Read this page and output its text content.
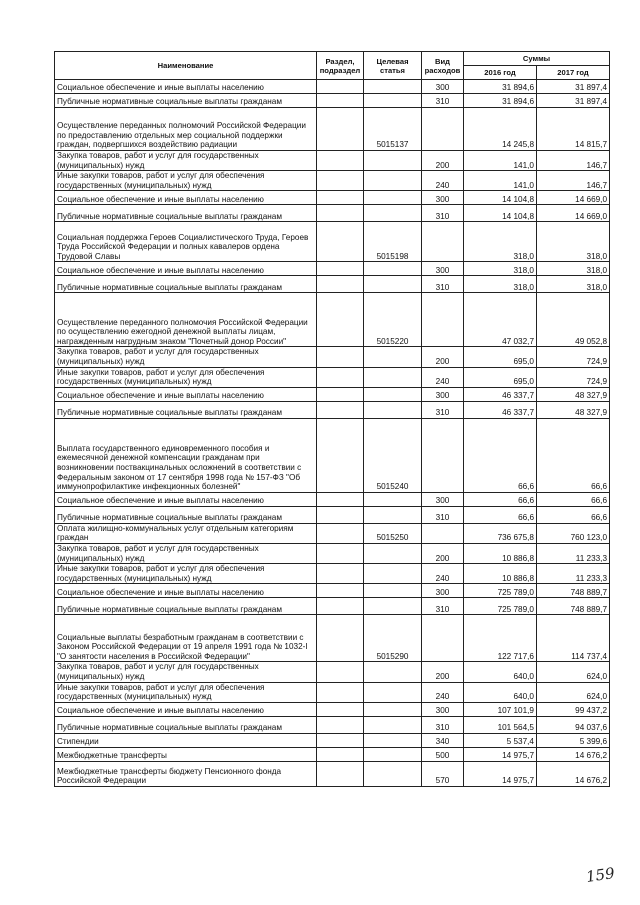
Наименование	Раздел, подраздел	Целевая статья	Вид расходов	Суммы	
				2016 год	2017 год
Социальное обеспечение и иные выплаты населению			300	31 894,6	31 897,4
Публичные нормативные социальные выплаты гражданам			310	31 894,6	31 897,4
Осуществление переданных полномочий Российской Федерации по предоставлению отдельных мер социальной поддержки граждан, подвергшихся воздействию радиации		5015137		14 245,8	14 815,7
Закупка товаров, работ и услуг для государственных (муниципальных) нужд			200	141,0	146,7
Иные закупки товаров, работ и услуг для обеспечения государственных (муниципальных) нужд			240	141,0	146,7
Социальное обеспечение и иные выплаты населению			300	14 104,8	14 669,0
Публичные нормативные социальные выплаты гражданам			310	14 104,8	14 669,0
Социальная поддержка Героев Социалистического Труда, Героев Труда Российской Федерации и полных кавалеров ордена Трудовой Славы		5015198		318,0	318,0
Социальное обеспечение и иные выплаты населению			300	318,0	318,0
Публичные нормативные социальные выплаты гражданам			310	318,0	318,0
Осуществление переданного полномочия Российской Федерации по осуществлению ежегодной денежной выплаты лицам, награжденным нагрудным знаком "Почетный донор России"		5015220		47 032,7	49 052,8
Закупка товаров, работ и услуг для государственных (муниципальных) нужд			200	695,0	724,9
Иные закупки товаров, работ и услуг для обеспечения государственных (муниципальных) нужд			240	695,0	724,9
Социальное обеспечение и иные выплаты населению			300	46 337,7	48 327,9
Публичные нормативные социальные выплаты гражданам			310	46 337,7	48 327,9
Выплата государственного единовременного пособия и ежемесячной денежной компенсации гражданам при возникновении поствакцинальных осложнений в соответствии с Федеральным законом от 17 сентября 1998 года № 157-ФЗ "Об иммунопрофилактике инфекционных болезней"		5015240		66,6	66,6
Социальное обеспечение и иные выплаты населению			300	66,6	66,6
Публичные нормативные социальные выплаты гражданам			310	66,6	66,6
Оплата жилищно-коммунальных услуг отдельным категориям граждан		5015250		736 675,8	760 123,0
Закупка товаров, работ и услуг для государственных (муниципальных) нужд			200	10 886,8	11 233,3
Иные закупки товаров, работ и услуг для обеспечения государственных (муниципальных) нужд			240	10 886,8	11 233,3
Социальное обеспечение и иные выплаты населению			300	725 789,0	748 889,7
Публичные нормативные социальные выплаты гражданам			310	725 789,0	748 889,7
Социальные выплаты безработным гражданам в соответствии с Законом Российской Федерации от 19 апреля 1991 года № 1032-I "О занятости населения в Российской Федерации"		5015290		122 717,6	114 737,4
Закупка товаров, работ и услуг для государственных (муниципальных) нужд			200	640,0	624,0
Иные закупки товаров, работ и услуг для обеспечения государственных (муниципальных) нужд			240	640,0	624,0
Социальное обеспечение и иные выплаты населению			300	107 101,9	99 437,2
Публичные нормативные социальные выплаты гражданам			310	101 564,5	94 037,6
Стипендии			340	5 537,4	5 399,6
Межбюджетные трансферты			500	14 975,7	14 676,2
Межбюджетные трансферты бюджету Пенсионного фонда Российской Федерации			570	14 975,7	14 676,2
159
